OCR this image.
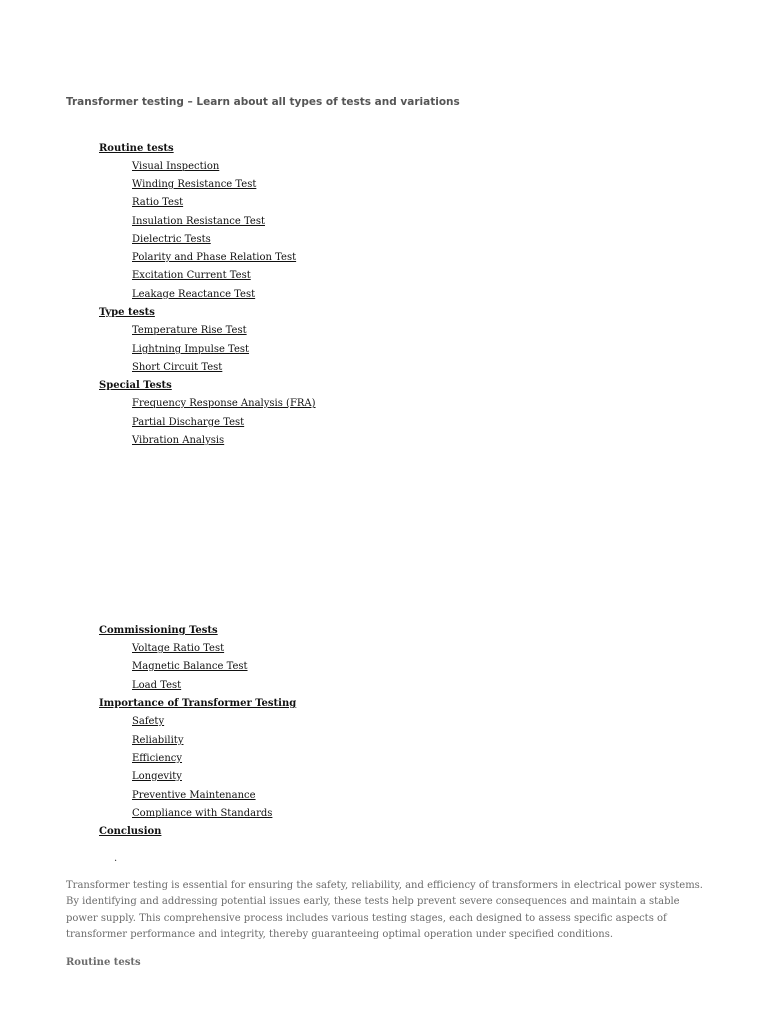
Transformer testing – Learn about all types of tests and variations
Routine tests
Visual Inspection
Winding Resistance Test
Ratio Test
Insulation Resistance Test
Dielectric Tests
Polarity and Phase Relation Test
Excitation Current Test
Leakage Reactance Test
Type tests
Temperature Rise Test
Lightning Impulse Test
Short Circuit Test
Special Tests
Frequency Response Analysis (FRA)
Partial Discharge Test
Vibration Analysis
Commissioning Tests
Voltage Ratio Test
Magnetic Balance Test
Load Test
Importance of Transformer Testing
Safety
Reliability
Efficiency
Longevity
Preventive Maintenance
Compliance with Standards
Conclusion
.

Transformer testing is essential for ensuring the safety, reliability, and efficiency of transformers in electrical power systems. By identifying and addressing potential issues early, these tests help prevent severe consequences and maintain a stable power supply. This comprehensive process includes various testing stages, each designed to assess specific aspects of transformer performance and integrity, thereby guaranteeing optimal operation under specified conditions.

Routine tests
